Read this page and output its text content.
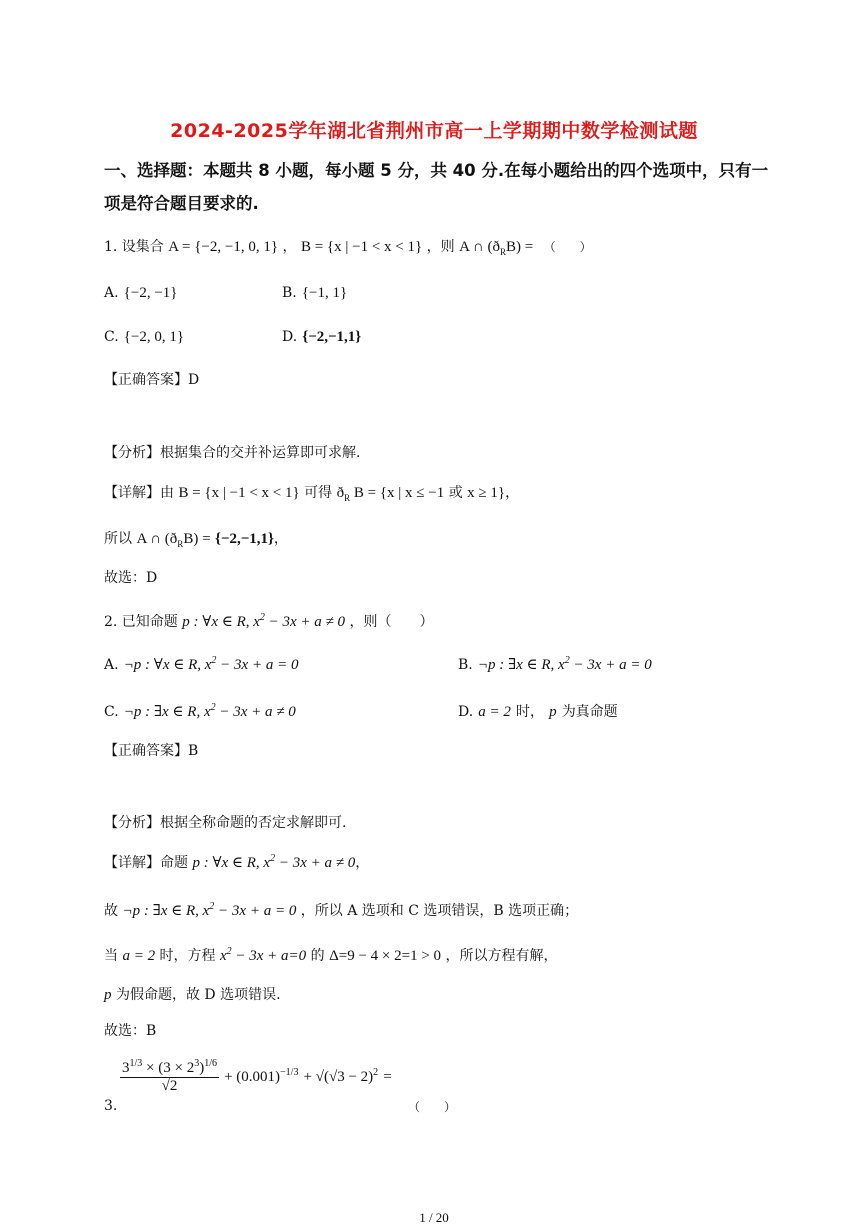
2024-2025学年湖北省荆州市高一上学期期中数学检测试题
一、选择题：本题共 8 小题，每小题 5 分，共 40 分.在每小题给出的四个选项中，只有一项是符合题目要求的.
1. 设集合 A = {−2, −1, 0, 1} ， B = {x | −1 < x < 1} ，则 A ∩ $(ð_RB)$ = （　　）
A. {−2, −1}	B. {−1, 1}
C. {−2, 0, 1}	D. {−2,−1,1}
【正确答案】D
【分析】根据集合的交并补运算即可求解.
【详解】由 B = {x | −1 < x < 1} 可得 $ð_R$ B = {x | x ≤ −1 或 x ≥ 1}，
所以 A ∩ $(ð_RB) = \{-2,-1,1\}$，
故选：D
2. 已知命题 p : ∀x ∈ R, $x^2 - 3x + a \ne 0$ ，则（　　）
A. ¬p : ∀x ∈ R, $x^2 - 3x + a = 0$	B. ¬p : ∃x ∈ R, $x^2 - 3x + a = 0$
C. ¬p : ∃x ∈ R, $x^2 - 3x + a \ne 0$	D. a = 2 时， p 为真命题
【正确答案】B
【分析】根据全称命题的否定求解即可.
【详解】命题 p : ∀x ∈ R, $x^2 - 3x + a \ne 0$，
故 ¬p : ∃x ∈ R, $x^2 - 3x + a = 0$ ，所以 A 选项和 C 选项错误，B 选项正确；
当 a = 2 时，方程 $x^2 - 3x + a=0$ 的 Δ=9 − 4 × 2=1 > 0 ，所以方程有解，
p 为假命题，故 D 选项错误.
故选：B
3.
$\frac{3^{1/3} \times (3 \times 2^3)^{1/6}}{√2} + (0.001)^{-1/3} + √(√3 - 2)^2$ =
（　　）
1 / 20
